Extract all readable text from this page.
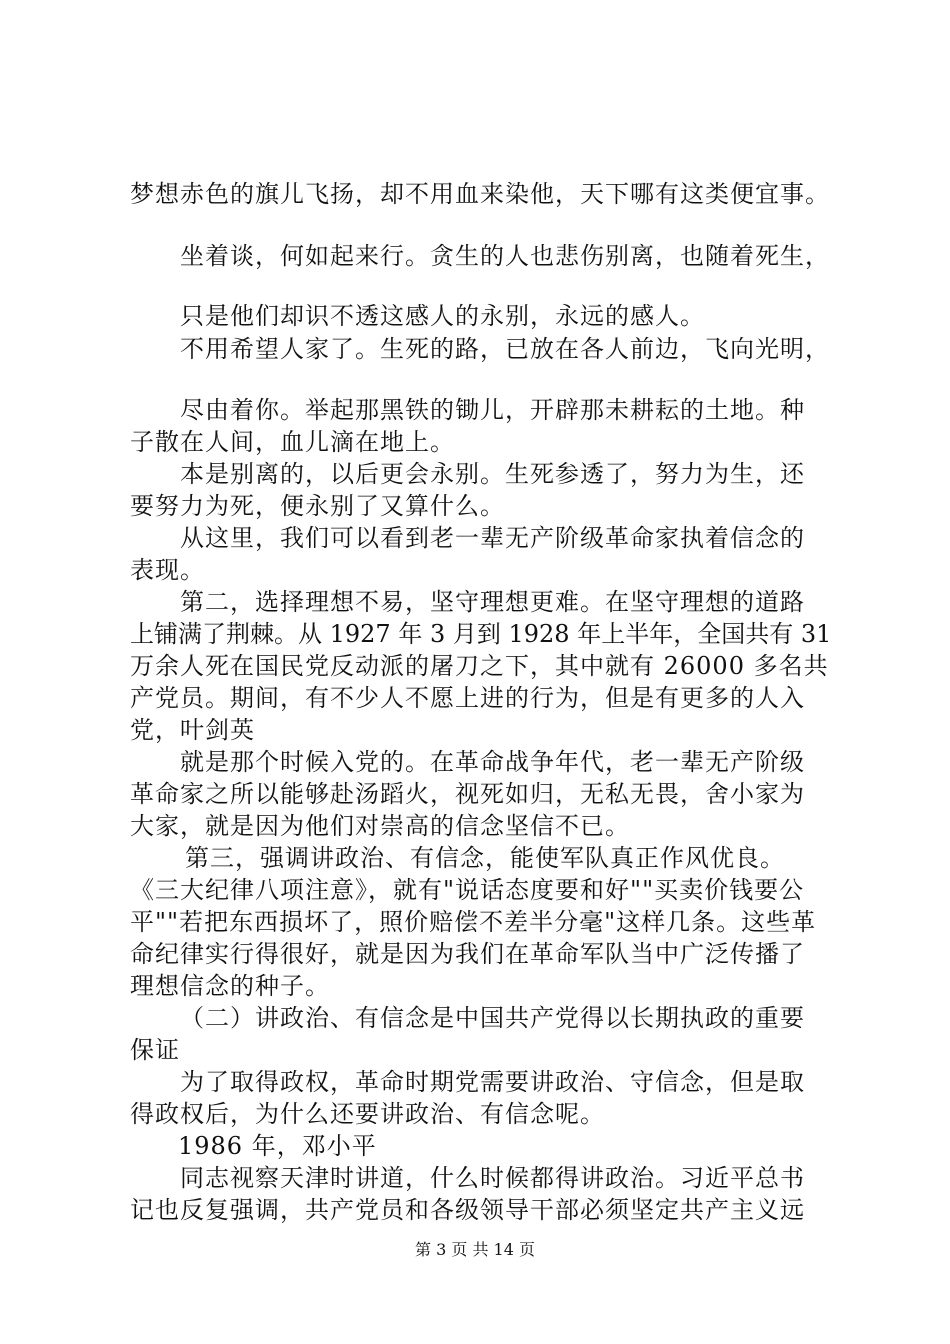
梦想赤色的旗儿飞扬，却不用血来染他，天下哪有这类便宜事。
坐着谈，何如起来行。贪生的人也悲伤别离，也随着死生，
只是他们却识不透这感人的永别，永远的感人。
不用希望人家了。生死的路，已放在各人前边，飞向光明，
尽由着你。举起那黑铁的锄儿，开辟那未耕耘的土地。种
子散在人间，血儿滴在地上。
本是别离的，以后更会永别。生死参透了，努力为生，还
要努力为死，便永别了又算什么。
从这里，我们可以看到老一辈无产阶级革命家执着信念的
表现。
第二，选择理想不易，坚守理想更难。在坚守理想的道路
上铺满了荆棘。从 1927 年 3 月到 1928 年上半年，全国共有 31
万余人死在国民党反动派的屠刀之下，其中就有 26000 多名共
产党员。期间，有不少人不愿上进的行为，但是有更多的人入
党，叶剑英
就是那个时候入党的。在革命战争年代，老一辈无产阶级
革命家之所以能够赴汤蹈火，视死如归，无私无畏，舍小家为
大家，就是因为他们对崇高的信念坚信不已。
第三，强调讲政治、有信念，能使军队真正作风优良。
《三大纪律八项注意》，就有"说话态度要和好""买卖价钱要公
平""若把东西损坏了，照价赔偿不差半分毫"这样几条。这些革
命纪律实行得很好，就是因为我们在革命军队当中广泛传播了
理想信念的种子。
（二）讲政治、有信念是中国共产党得以长期执政的重要
保证
为了取得政权，革命时期党需要讲政治、守信念，但是取
得政权后，为什么还要讲政治、有信念呢。
1986 年，邓小平
同志视察天津时讲道，什么时候都得讲政治。习近平总书
记也反复强调，共产党员和各级领导干部必须坚定共产主义远
第 3 页 共 14 页
